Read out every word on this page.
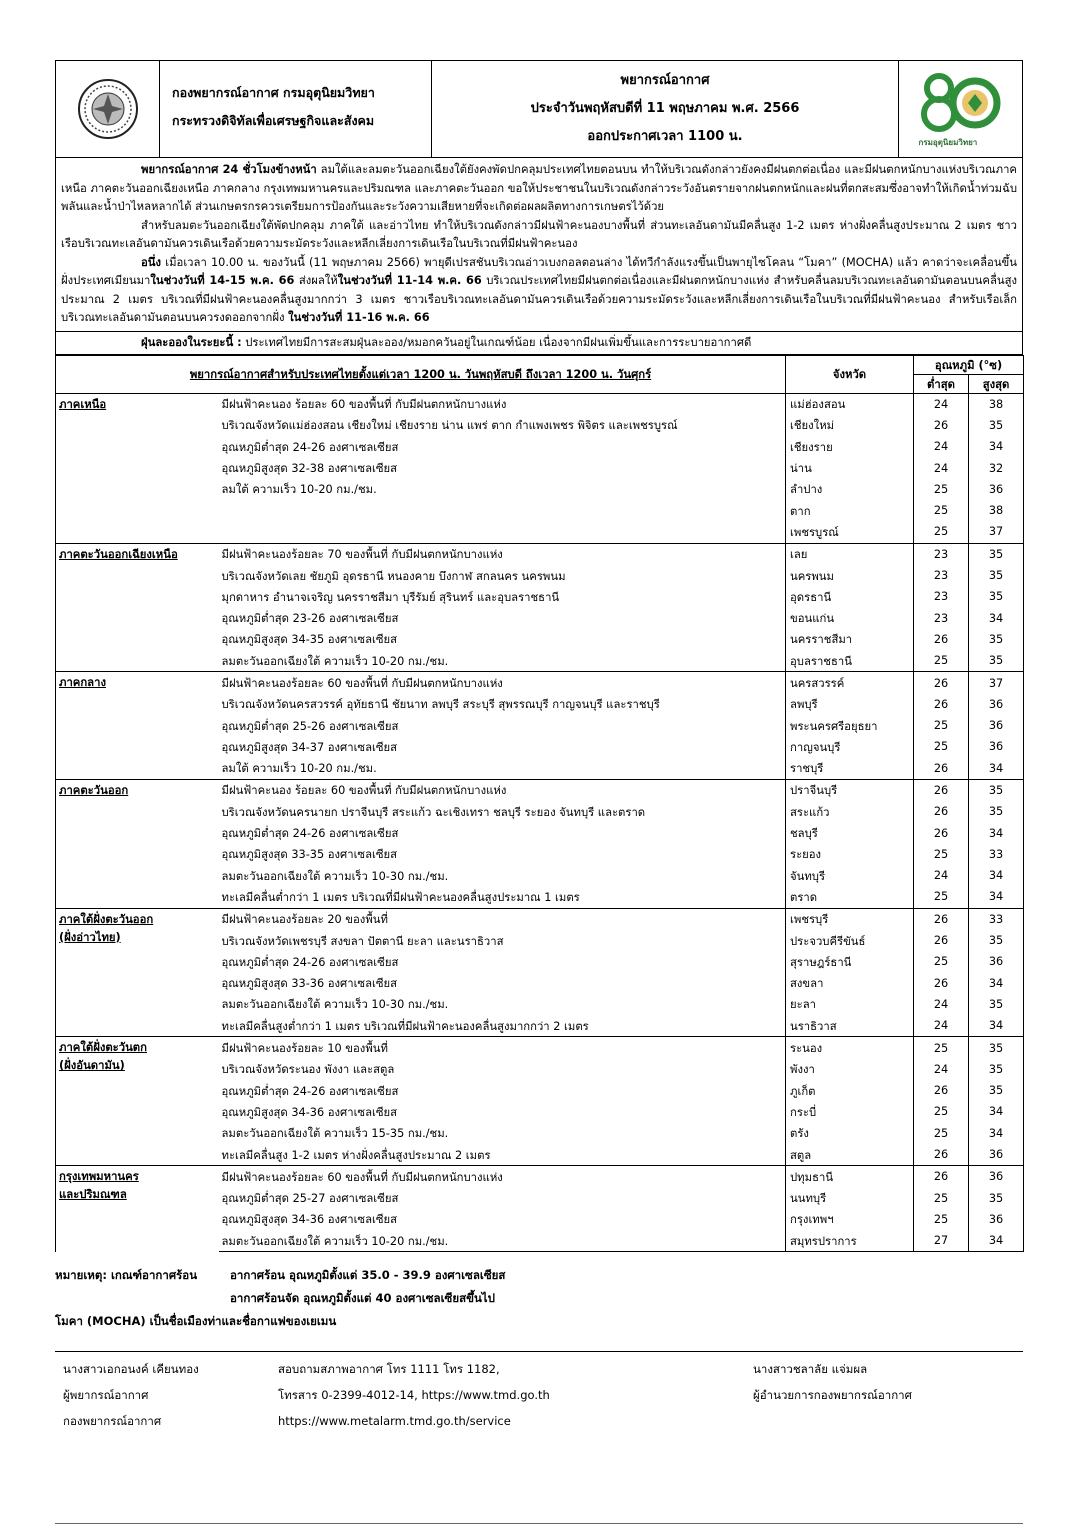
กองพยากรณ์อากาศ กรมอุตุนิยมวิทยา
กระทรวงดิจิทัลเพื่อเศรษฐกิจและสังคม
พยากรณ์อากาศ
ประจำวันพฤหัสบดีที่ 11 พฤษภาคม พ.ศ. 2566
ออกประกาศเวลา 1100 น.	กรมอุตุนิยมวิทยา

พยากรณ์อากาศ 24 ชั่วโมงข้างหน้า ลมใต้และลมตะวันออกเฉียงใต้ยังคงพัดปกคลุมประเทศไทยตอนบน ทำให้บริเวณดังกล่าวยังคงมีฝนตกต่อเนื่อง และมีฝนตกหนักบางแห่งบริเวณภาคเหนือ ภาคตะวันออกเฉียงเหนือ ภาคกลาง กรุงเทพมหานครและปริมณฑล และภาคตะวันออก ขอให้ประชาชนในบริเวณดังกล่าวระวังอันตรายจากฝนตกหนักและฝนที่ตกสะสมซึ่งอาจทำให้เกิดน้ำท่วมฉับพลันและน้ำป่าไหลหลากได้ ส่วนเกษตรกรควรเตรียมการป้องกันและระวังความเสียหายที่จะเกิดต่อผลผลิตทางการเกษตรไว้ด้วย

สำหรับลมตะวันออกเฉียงใต้พัดปกคลุม ภาคใต้ และอ่าวไทย ทำให้บริเวณดังกล่าวมีฝนฟ้าคะนองบางพื้นที่ ส่วนทะเลอันดามันมีคลื่นสูง 1-2 เมตร ห่างฝั่งคลื่นสูงประมาณ 2 เมตร ชาวเรือบริเวณทะเลอันดามันควรเดินเรือด้วยความระมัดระวังและหลีกเลี่ยงการเดินเรือในบริเวณที่มีฝนฟ้าคะนอง

อนึ่ง เมื่อเวลา 10.00 น. ของวันนี้ (11 พฤษภาคม 2566) พายุดีเปรสชันบริเวณอ่าวเบงกอลตอนล่าง ได้ทวีกำลังแรงขึ้นเป็นพายุไซโคลน “โมคา” (MOCHA) แล้ว คาดว่าจะเคลื่อนขึ้นฝั่งประเทศเมียนมาในช่วงวันที่ 14-15 พ.ค. 66 ส่งผลให้ในช่วงวันที่ 11-14 พ.ค. 66 บริเวณประเทศไทยมีฝนตกต่อเนื่องและมีฝนตกหนักบางแห่ง สำหรับคลื่นลมบริเวณทะเลอันดามันตอนบนคลื่นสูงประมาณ 2 เมตร บริเวณที่มีฝนฟ้าคะนองคลื่นสูงมากกว่า 3 เมตร ชาวเรือบริเวณทะเลอันดามันควรเดินเรือด้วยความระมัดระวังและหลีกเลี่ยงการเดินเรือในบริเวณที่มีฝนฟ้าคะนอง สำหรับเรือเล็กบริเวณทะเลอันดามันตอนบนควรงดออกจากฝั่ง ในช่วงวันที่ 11-16 พ.ค. 66

ฝุ่นละอองในระยะนี้ : ประเทศไทยมีการสะสมฝุ่นละออง/หมอกควันอยู่ในเกณฑ์น้อย เนื่องจากมีฝนเพิ่มขึ้นและการระบายอากาศดี
พยากรณ์อากาศสำหรับประเทศไทยตั้งแต่เวลา 1200 น. วันพฤหัสบดี ถึงเวลา 1200 น. วันศุกร์		จังหวัด	อุณหภูมิ (°ซ)	
			ต่ำสุด	สูงสุด

ภาคเหนือ	มีฝนฟ้าคะนอง ร้อยละ 60 ของพื้นที่ กับมีฝนตกหนักบางแห่ง	แม่ฮ่องสอน	24	38
	บริเวณจังหวัดแม่ฮ่องสอน เชียงใหม่ เชียงราย น่าน แพร่ ตาก กำแพงเพชร พิจิตร และเพชรบูรณ์	เชียงใหม่	26	35
	อุณหภูมิต่ำสุด 24-26 องศาเซลเซียส	เชียงราย	24	34
	อุณหภูมิสูงสุด 32-38 องศาเซลเซียส	น่าน	24	32
	ลมใต้ ความเร็ว 10-20 กม./ชม.	ลำปาง	25	36
		ตาก	25	38
		เพชรบูรณ์	25	37

ภาคตะวันออกเฉียงเหนือ	มีฝนฟ้าคะนองร้อยละ 70 ของพื้นที่ กับมีฝนตกหนักบางแห่ง	เลย	23	35
	บริเวณจังหวัดเลย ชัยภูมิ อุดรธานี หนองคาย บึงกาฬ สกลนคร นครพนม	นครพนม	23	35
	มุกดาหาร อำนาจเจริญ นครราชสีมา บุรีรัมย์ สุรินทร์ และอุบลราชธานี	อุดรธานี	23	35
	อุณหภูมิต่ำสุด 23-26 องศาเซลเซียส	ขอนแก่น	23	34
	อุณหภูมิสูงสุด 34-35 องศาเซลเซียส	นครราชสีมา	26	35
	ลมตะวันออกเฉียงใต้ ความเร็ว 10-20 กม./ชม.	อุบลราชธานี	25	35

ภาคกลาง	มีฝนฟ้าคะนองร้อยละ 60 ของพื้นที่ กับมีฝนตกหนักบางแห่ง	นครสวรรค์	26	37
	บริเวณจังหวัดนครสวรรค์ อุทัยธานี ชัยนาท ลพบุรี สระบุรี สุพรรณบุรี กาญจนบุรี และราชบุรี	ลพบุรี	26	36
	อุณหภูมิต่ำสุด 25-26 องศาเซลเซียส	พระนครศรีอยุธยา	25	36
	อุณหภูมิสูงสุด 34-37 องศาเซลเซียส	กาญจนบุรี	25	36
	ลมใต้ ความเร็ว 10-20 กม./ชม.	ราชบุรี	26	34

ภาคตะวันออก	มีฝนฟ้าคะนอง ร้อยละ 60 ของพื้นที่ กับมีฝนตกหนักบางแห่ง	ปราจีนบุรี	26	35
	บริเวณจังหวัดนครนายก ปราจีนบุรี สระแก้ว ฉะเชิงเทรา ชลบุรี ระยอง จันทบุรี และตราด	สระแก้ว	26	35
	อุณหภูมิต่ำสุด 24-26 องศาเซลเซียส	ชลบุรี	26	34
	อุณหภูมิสูงสุด 33-35 องศาเซลเซียส	ระยอง	25	33
	ลมตะวันออกเฉียงใต้ ความเร็ว 10-30 กม./ชม.	จันทบุรี	24	34
	ทะเลมีคลื่นต่ำกว่า 1 เมตร บริเวณที่มีฝนฟ้าคะนองคลื่นสูงประมาณ 1 เมตร	ตราด	25	34

ภาคใต้ฝั่งตะวันออก
(ฝั่งอ่าวไทย)	มีฝนฟ้าคะนองร้อยละ 20 ของพื้นที่	เพชรบุรี	26	33
	บริเวณจังหวัดเพชรบุรี สงขลา ปัตตานี ยะลา และนราธิวาส	ประจวบคีรีขันธ์	26	35
	อุณหภูมิต่ำสุด 24-26 องศาเซลเซียส	สุราษฎร์ธานี	25	36
	อุณหภูมิสูงสุด 33-36 องศาเซลเซียส	สงขลา	26	34
	ลมตะวันออกเฉียงใต้ ความเร็ว 10-30 กม./ชม.	ยะลา	24	35
	ทะเลมีคลื่นสูงต่ำกว่า 1 เมตร บริเวณที่มีฝนฟ้าคะนองคลื่นสูงมากกว่า 2 เมตร	นราธิวาส	24	34

ภาคใต้ฝั่งตะวันตก
(ฝั่งอันดามัน)	มีฝนฟ้าคะนองร้อยละ 10 ของพื้นที่	ระนอง	25	35
	บริเวณจังหวัดระนอง พังงา และสตูล	พังงา	24	35
	อุณหภูมิต่ำสุด 24-26 องศาเซลเซียส	ภูเก็ต	26	35
	อุณหภูมิสูงสุด 34-36 องศาเซลเซียส	กระบี่	25	34
	ลมตะวันออกเฉียงใต้ ความเร็ว 15-35 กม./ชม.	ตรัง	25	34
	ทะเลมีคลื่นสูง 1-2 เมตร ห่างฝั่งคลื่นสูงประมาณ 2 เมตร	สตูล	26	36

กรุงเทพมหานคร
และปริมณฑล	มีฝนฟ้าคะนองร้อยละ 60 ของพื้นที่ กับมีฝนตกหนักบางแห่ง	ปทุมธานี	26	36
	อุณหภูมิต่ำสุด 25-27 องศาเซลเซียส	นนทบุรี	25	35
	อุณหภูมิสูงสุด 34-36 องศาเซลเซียส	กรุงเทพฯ	25	36
	ลมตะวันออกเฉียงใต้ ความเร็ว 10-20 กม./ชม.	สมุทรปราการ	27	34
หมายเหตุ: เกณฑ์อากาศร้อน	อากาศร้อน อุณหภูมิตั้งแต่ 35.0 - 39.9 องศาเซลเซียส
อากาศร้อนจัด อุณหภูมิตั้งแต่ 40 องศาเซลเซียสขึ้นไป
โมคา (MOCHA) เป็นชื่อเมืองท่าและชื่อกาแฟของเยเมน
นางสาวเอกอนงค์ เคียนทอง
ผู้พยากรณ์อากาศ
กองพยากรณ์อากาศ
สอบถามสภาพอากาศ โทร 1111 โทร 1182,
โทรสาร 0-2399-4012-14, https://www.tmd.go.th
https://www.metalarm.tmd.go.th/service
นางสาวชลาลัย แจ่มผล
ผู้อำนวยการกองพยากรณ์อากาศ
